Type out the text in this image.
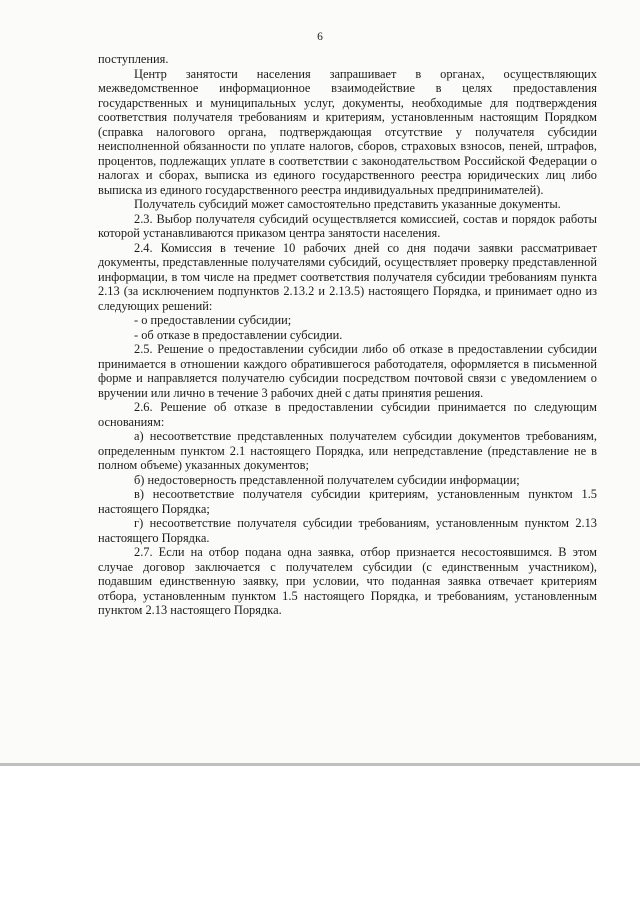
6

поступления.

Центр занятости населения запрашивает в органах, осуществляющих межведомственное информационное взаимодействие в целях предоставления государственных и муниципальных услуг, документы, необходимые для подтверждения соответствия получателя требованиям и критериям, установленным настоящим Порядком (справка налогового органа, подтверждающая отсутствие у получателя субсидии неисполненной обязанности по уплате налогов, сборов, страховых взносов, пеней, штрафов, процентов, подлежащих уплате в соответствии с законодательством Российской Федерации о налогах и сборах, выписка из единого государственного реестра юридических лиц либо выписка из единого государственного реестра индивидуальных предпринимателей).

Получатель субсидий может самостоятельно представить указанные документы.

2.3. Выбор получателя субсидий осуществляется комиссией, состав и порядок работы которой устанавливаются приказом центра занятости населения.

2.4. Комиссия в течение 10 рабочих дней со дня подачи заявки рассматривает документы, представленные получателями субсидий, осуществляет проверку представленной информации, в том числе на предмет соответствия получателя субсидии требованиям пункта 2.13 (за исключением подпунктов 2.13.2 и 2.13.5) настоящего Порядка, и принимает одно из следующих решений:

- о предоставлении субсидии;

- об отказе в предоставлении субсидии.

2.5. Решение о предоставлении субсидии либо об отказе в предоставлении субсидии принимается в отношении каждого обратившегося работодателя, оформляется в письменной форме и направляется получателю субсидии посредством почтовой связи с уведомлением о вручении или лично в течение 3 рабочих дней с даты принятия решения.

2.6. Решение об отказе в предоставлении субсидии принимается по следующим основаниям:

а) несоответствие представленных получателем субсидии документов требованиям, определенным пунктом 2.1 настоящего Порядка, или непредставление (представление не в полном объеме) указанных документов;

б) недостоверность представленной получателем субсидии информации;

в) несоответствие получателя субсидии критериям, установленным пунктом 1.5 настоящего Порядка;

г) несоответствие получателя субсидии требованиям, установленным пунктом 2.13 настоящего Порядка.

2.7. Если на отбор подана одна заявка, отбор признается несостоявшимся. В этом случае договор заключается с получателем субсидии (с единственным участником), подавшим единственную заявку, при условии, что поданная заявка отвечает критериям отбора, установленным пунктом 1.5 настоящего Порядка, и требованиям, установленным пунктом 2.13 настоящего Порядка.
